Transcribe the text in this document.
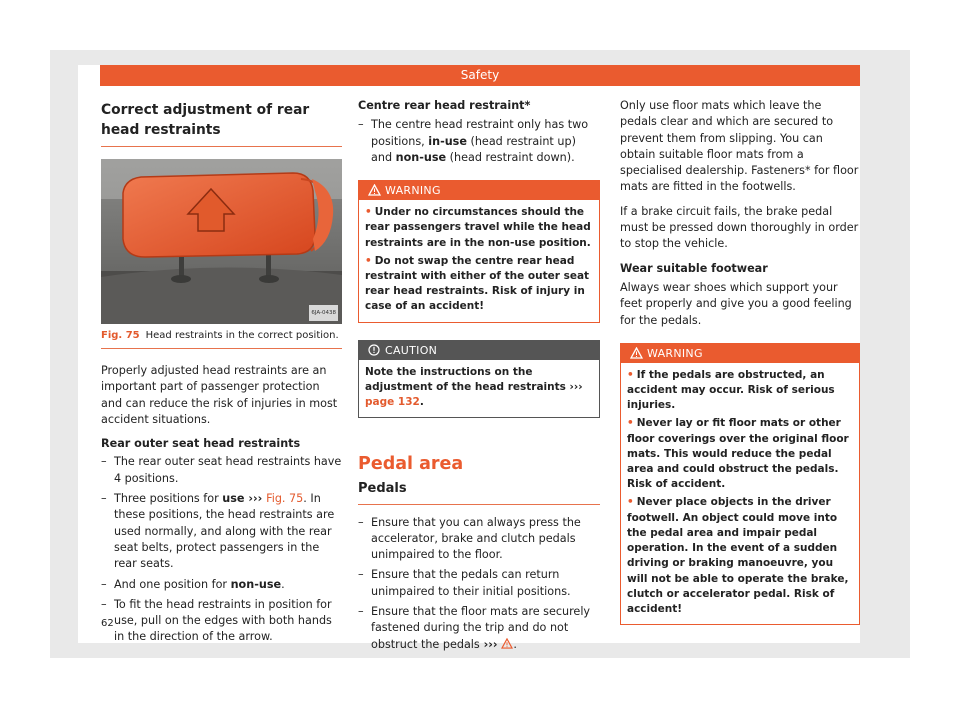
Safety
Correct adjustment of rear head restraints
6JA-0438
Fig. 75 Head restraints in the correct position.

Properly adjusted head restraints are an important part of passenger protection and can reduce the risk of injuries in most accident situations.

Rear outer seat head restraints

– The rear outer seat head restraints have 4 positions.
– Three positions for use ››› Fig. 75. In these positions, the head restraints are used normally, and along with the rear seat belts, protect passengers in the rear seats.
– And one position for non-use.
– To fit the head restraints in position for use, pull on the edges with both hands in the direction of the arrow.

Centre rear head restraint*

– The centre head restraint only has two positions, in-use (head restraint up) and non-use (head restraint down).
WARNING
• Under no circumstances should the rear passengers travel while the head restraints are in the non-use position.
• Do not swap the centre rear head restraint with either of the outer seat rear head restraints. Risk of injury in case of an accident!
CAUTION
Note the instructions on the adjustment of the head restraints ››› page 132.
Pedal area
Pedals
– Ensure that you can always press the accelerator, brake and clutch pedals unimpaired to the floor.
– Ensure that the pedals can return unimpaired to their initial positions.
– Ensure that the floor mats are securely fastened during the trip and do not obstruct the pedals ››› .

Only use floor mats which leave the pedals clear and which are secured to prevent them from slipping. You can obtain suitable floor mats from a specialised dealership. Fasteners* for floor mats are fitted in the footwells.

If a brake circuit fails, the brake pedal must be pressed down thoroughly in order to stop the vehicle.

Wear suitable footwear

Always wear shoes which support your feet properly and give you a good feeling for the pedals.

WARNING
• If the pedals are obstructed, an accident may occur. Risk of serious injuries.
• Never lay or fit floor mats or other floor coverings over the original floor mats. This would reduce the pedal area and could obstruct the pedals. Risk of accident.
• Never place objects in the driver footwell. An object could move into the pedal area and impair pedal operation. In the event of a sudden driving or braking manoeuvre, you will not be able to operate the brake, clutch or accelerator pedal. Risk of accident!
62
